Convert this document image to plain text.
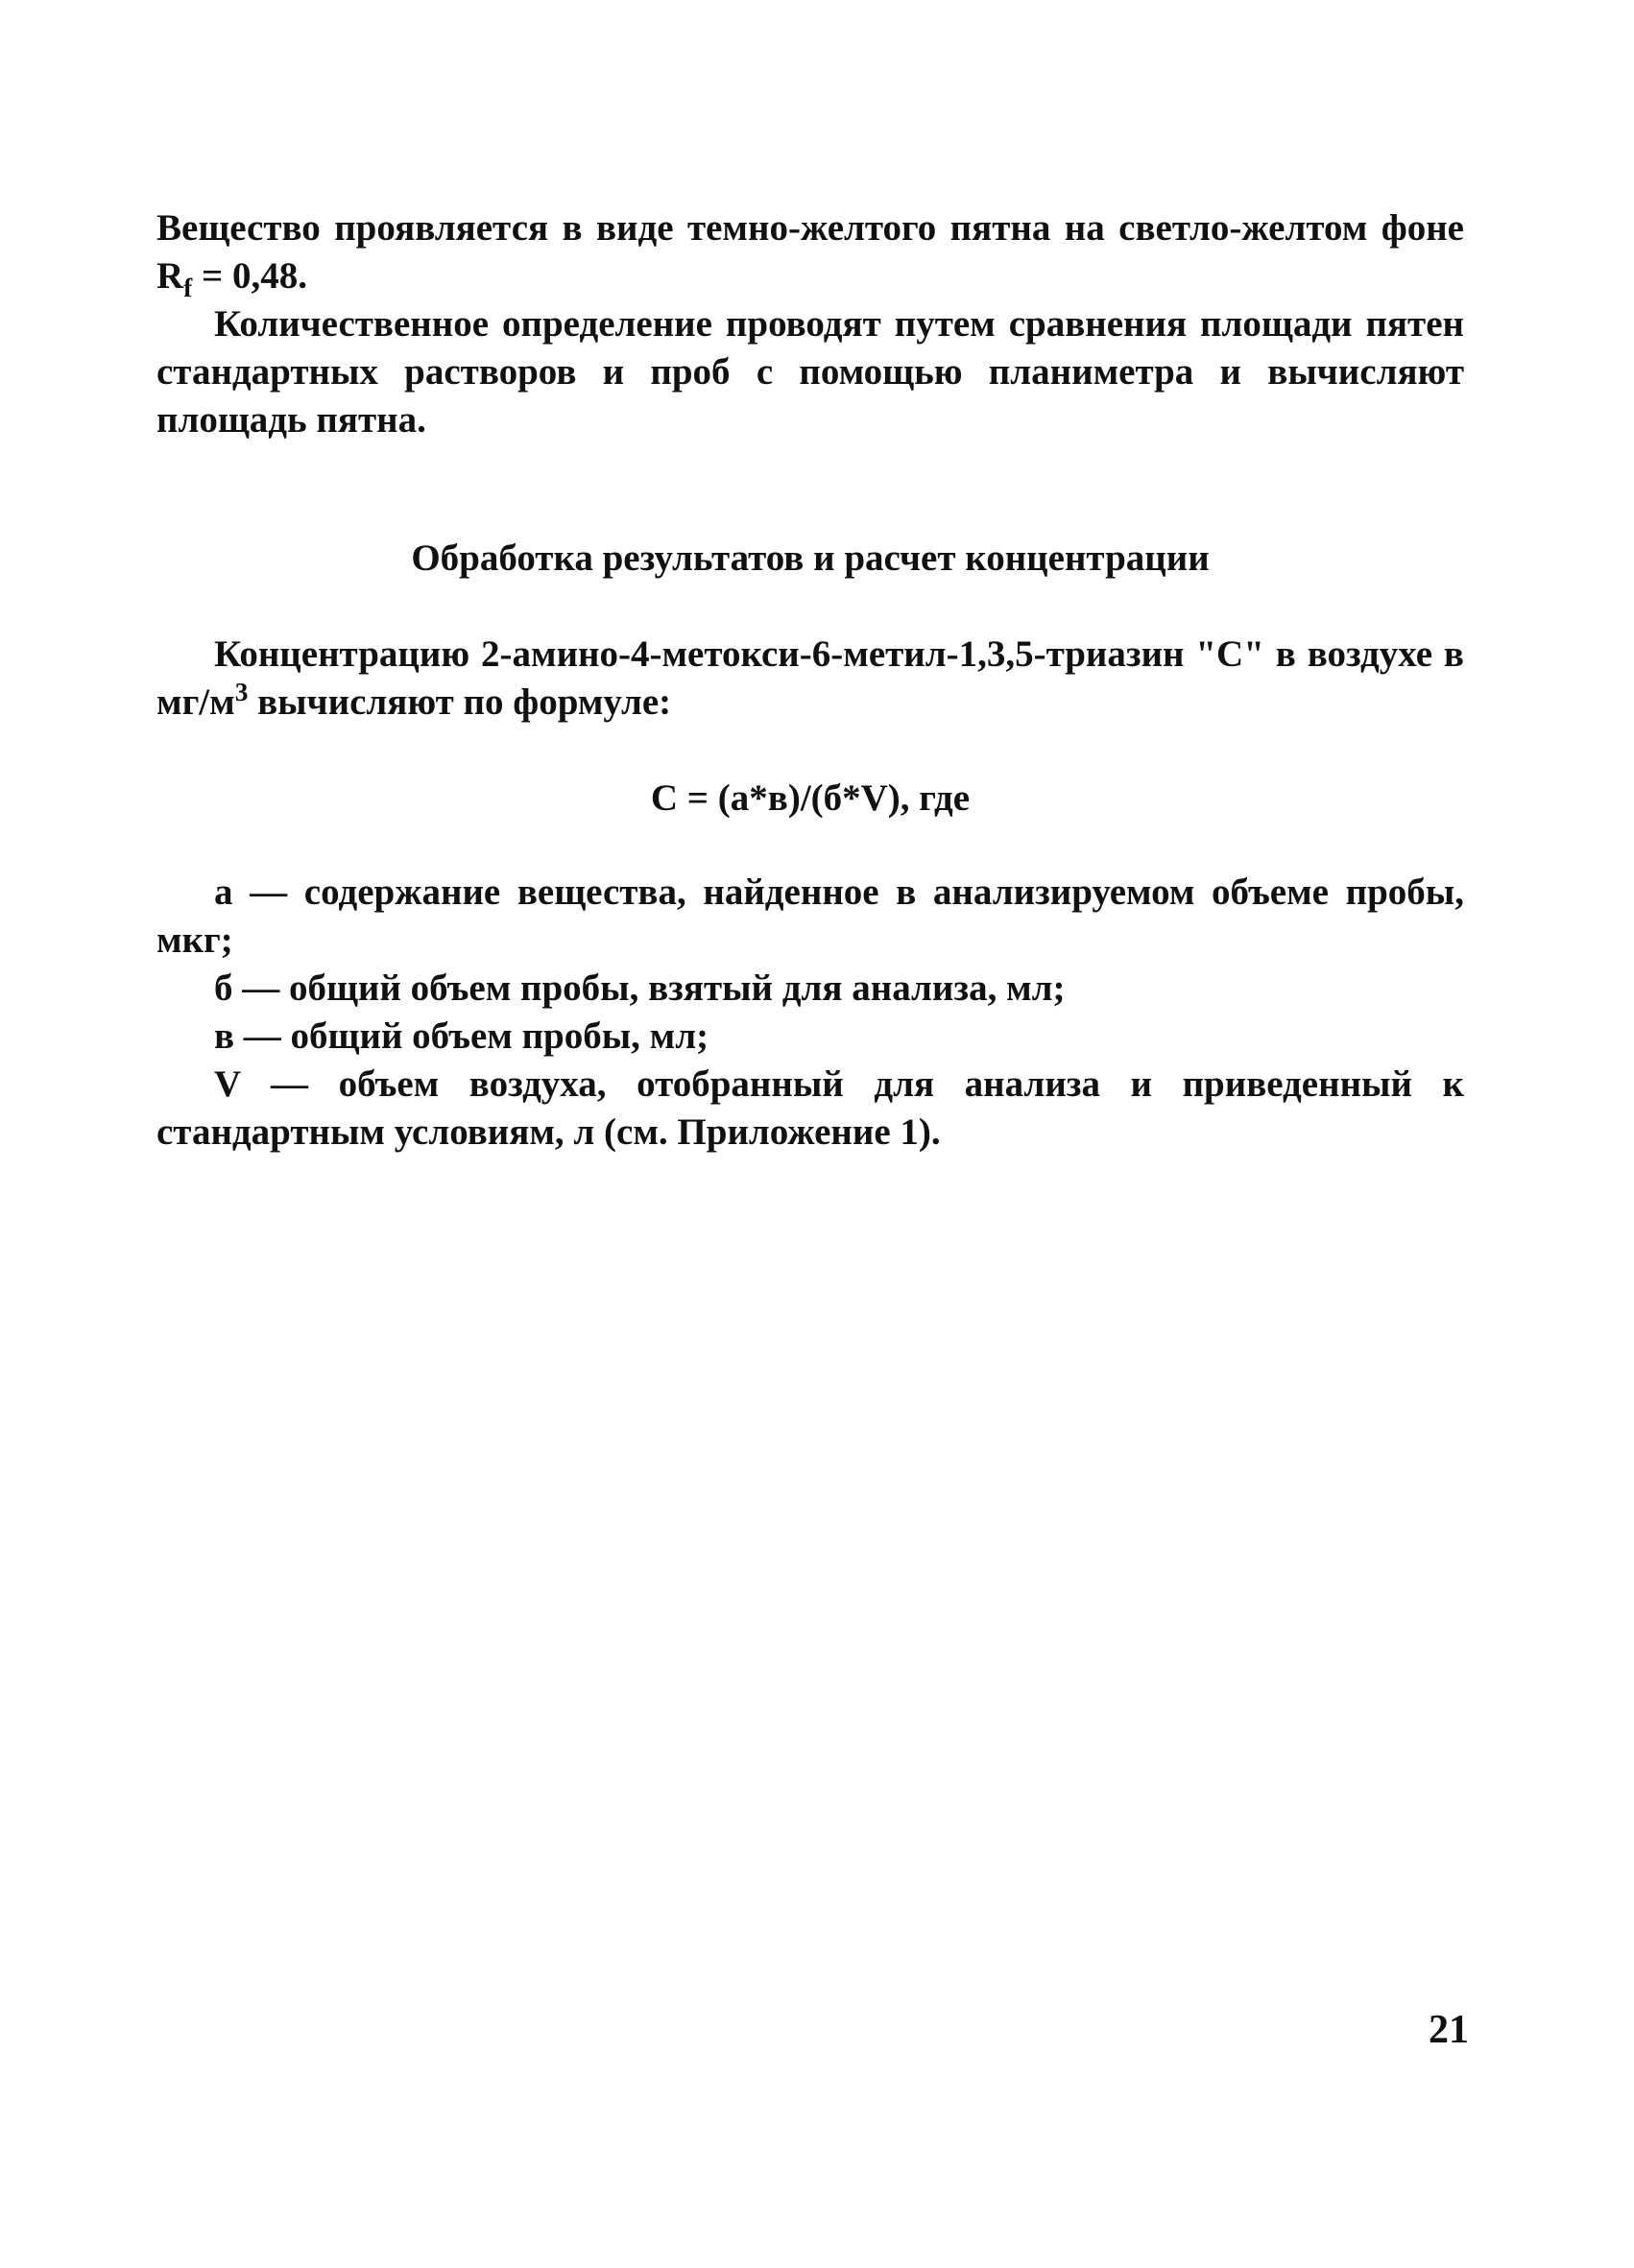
Вещество проявляется в виде темно-желтого пятна на светло-желтом фоне $R_f = 0,48$.

Количественное определение проводят путем сравнения площади пятен стандартных растворов и проб с помощью планиметра и вычисляют площадь пятна.

Обработка результатов и расчет концентрации

Концентрацию 2-амино-4-метокси-6-метил-1,3,5-триазин "С" в воздухе в $мг/м^3$ вычисляют по формуле:

С = (а*в)/(б*V), где

а — содержание вещества, найденное в анализируемом объеме пробы, мкг;

б — общий объем пробы, взятый для анализа, мл;

в — общий объем пробы, мл;

V — объем воздуха, отобранный для анализа и приведенный к стандартным условиям, л (см. Приложение 1).

21
